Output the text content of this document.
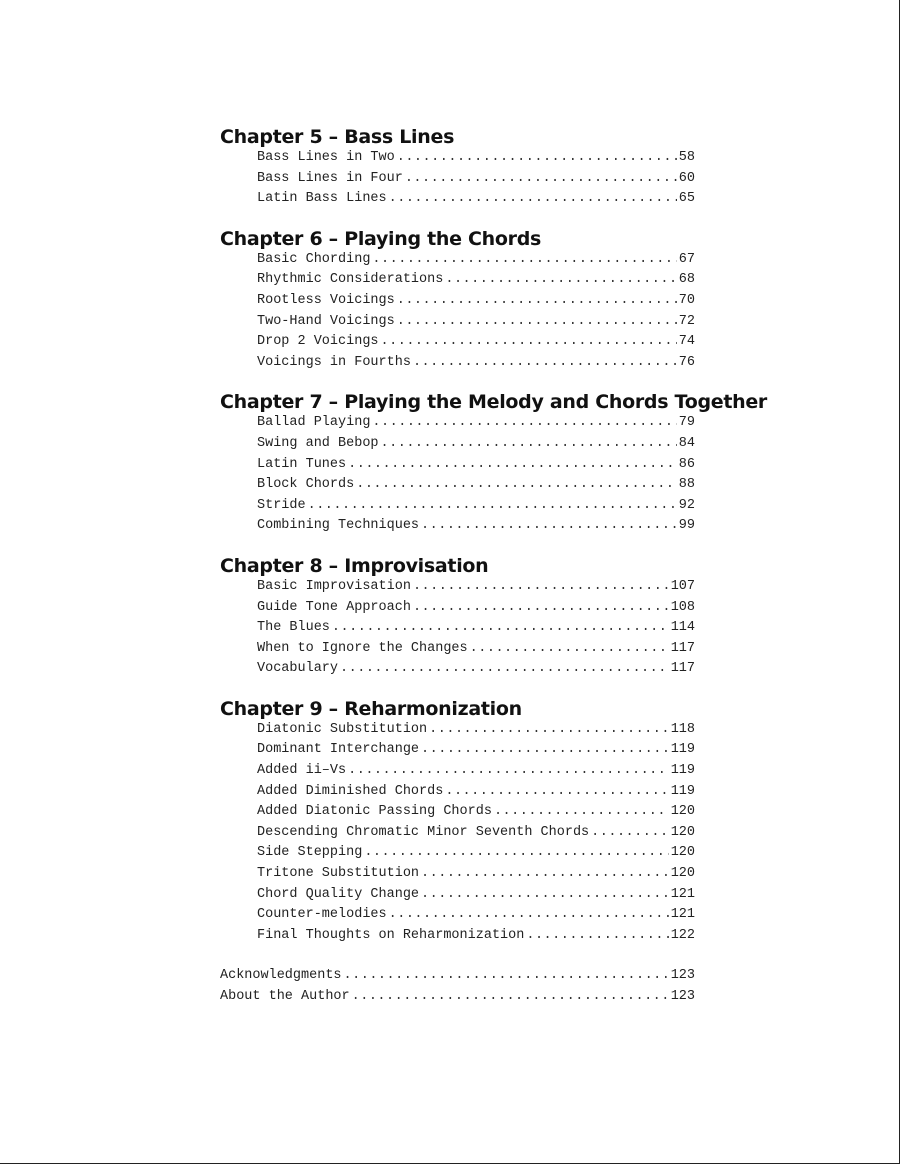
Chapter 5 – Bass Lines
Bass Lines in Two .....	58
Bass Lines in Four .....	60
Latin Bass Lines .....	65
Chapter 6 – Playing the Chords
Basic Chording .....	67
Rhythmic Considerations .....	68
Rootless Voicings .....	70
Two-Hand Voicings .....	72
Drop 2 Voicings .....	74
Voicings in Fourths .....	76
Chapter 7 – Playing the Melody and Chords Together
Ballad Playing .....	79
Swing and Bebop .....	84
Latin Tunes .....	86
Block Chords .....	88
Stride .....	92
Combining Techniques .....	99
Chapter 8 – Improvisation
Basic Improvisation .....	107
Guide Tone Approach .....	108
The Blues .....	114
When to Ignore the Changes .....	117
Vocabulary .....	117
Chapter 9 – Reharmonization
Diatonic Substitution .....	118
Dominant Interchange .....	119
Added ii–Vs .....	119
Added Diminished Chords .....	119
Added Diatonic Passing Chords .....	120
Descending Chromatic Minor Seventh Chords .....	120
Side Stepping .....	120
Tritone Substitution .....	120
Chord Quality Change .....	121
Counter-melodies .....	121
Final Thoughts on Reharmonization .....	122
Acknowledgments .....	123
About the Author .....	123
